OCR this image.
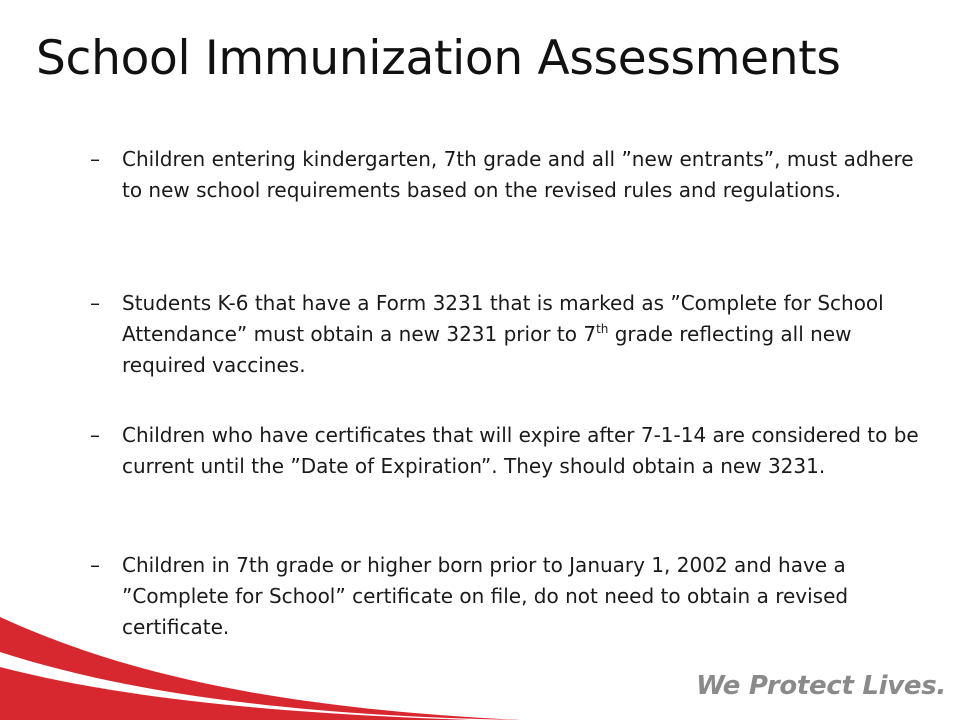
School Immunization Assessments
– Children entering kindergarten, 7th grade and all ”new entrants”, must adhere to new school requirements based on the revised rules and regulations.
– Students K-6 that have a Form 3231 that is marked as ”Complete for School Attendance” must obtain a new 3231 prior to 7th grade reflecting all new required vaccines.
– Children who have certificates that will expire after 7-1-14 are considered to be current until the ”Date of Expiration”. They should obtain a new 3231.
– Children in 7th grade or higher born prior to January 1, 2002 and have a ”Complete for School” certificate on file, do not need to obtain a revised certificate.
We Protect Lives.
